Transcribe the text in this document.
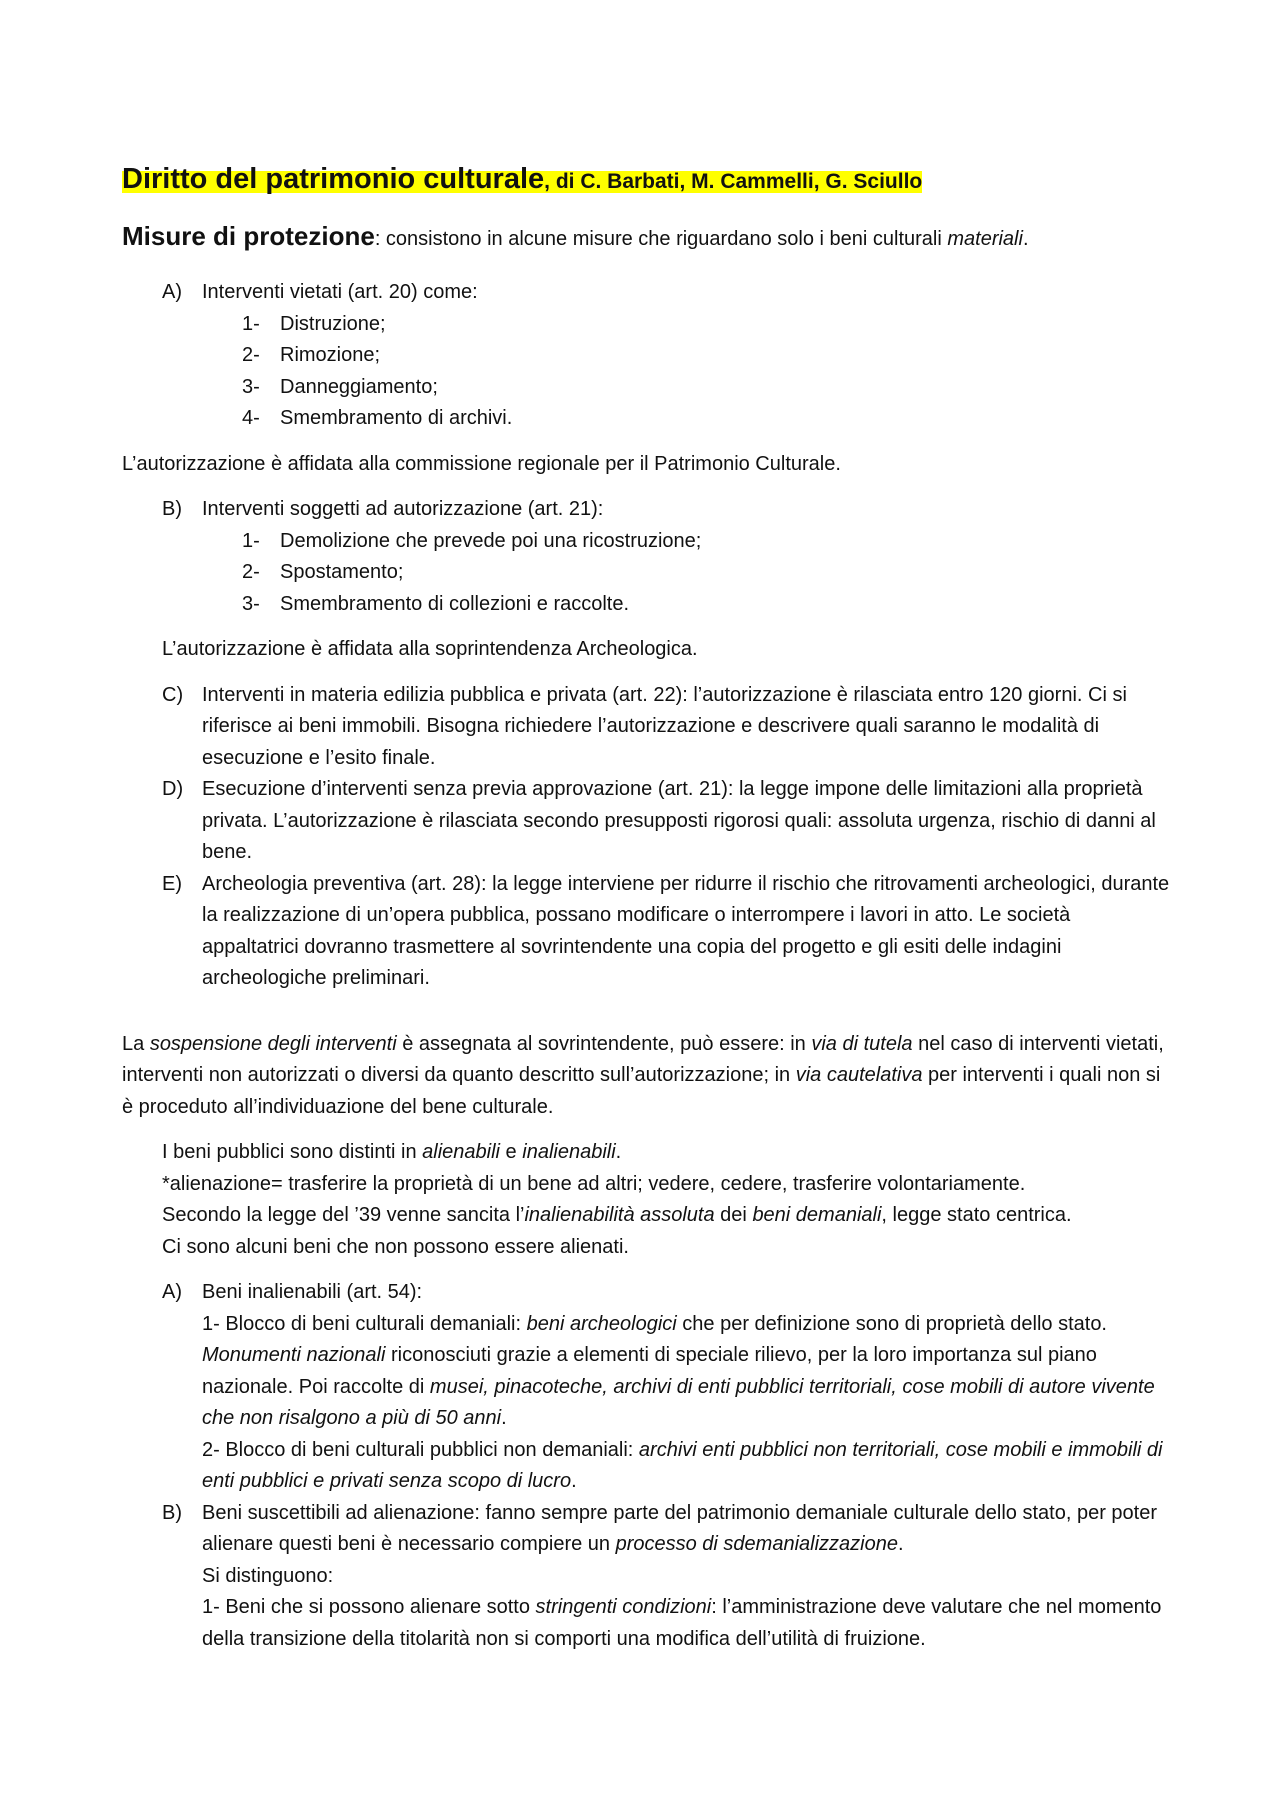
Diritto del patrimonio culturale, di C. Barbati, M. Cammelli, G. Sciullo

Misure di protezione: consistono in alcune misure che riguardano solo i beni culturali materiali.

A)	Interventi vietati (art. 20) come:
1-	Distruzione;
2-	Rimozione;
3-	Danneggiamento;
4-	Smembramento di archivi.

L’autorizzazione è affidata alla commissione regionale per il Patrimonio Culturale.

B)	Interventi soggetti ad autorizzazione (art. 21):
1-	Demolizione che prevede poi una ricostruzione;
2-	Spostamento;
3-	Smembramento di collezioni e raccolte.

L’autorizzazione è affidata alla soprintendenza Archeologica.

C) Interventi in materia edilizia pubblica e privata (art. 22): l’autorizzazione è rilasciata entro 120 giorni. Ci si riferisce ai beni immobili. Bisogna richiedere l’autorizzazione e descrivere quali saranno le modalità di esecuzione e l’esito finale.
D) Esecuzione d’interventi senza previa approvazione (art. 21): la legge impone delle limitazioni alla proprietà privata. L’autorizzazione è rilasciata secondo presupposti rigorosi quali: assoluta urgenza, rischio di danni al bene.
E)	Archeologia preventiva (art. 28): la legge interviene per ridurre il rischio che ritrovamenti archeologici, durante la realizzazione di un’opera pubblica, possano modificare o interrompere i lavori in atto. Le società appaltatrici dovranno trasmettere al sovrintendente una copia del progetto e gli esiti delle indagini archeologiche preliminari.

La sospensione degli interventi è assegnata al sovrintendente, può essere: in via di tutela nel caso di interventi vietati, interventi non autorizzati o diversi da quanto descritto sull’autorizzazione; in via cautelativa per interventi i quali non si è proceduto all’individuazione del bene culturale.

I beni pubblici sono distinti in alienabili e inalienabili.

*alienazione= trasferire la proprietà di un bene ad altri; vedere, cedere, trasferire volontariamente.

Secondo la legge del ’39 venne sancita l’inalienabilità assoluta dei beni demaniali, legge stato centrica.

Ci sono alcuni beni che non possono essere alienati.

A)	Beni inalienabili (art. 54):

1- Blocco di beni culturali demaniali: beni archeologici che per definizione sono di proprietà dello stato. Monumenti nazionali riconosciuti grazie a elementi di speciale rilievo, per la loro importanza sul piano nazionale. Poi raccolte di musei, pinacoteche, archivi di enti pubblici territoriali, cose mobili di autore vivente che non risalgono a più di 50 anni.

2- Blocco di beni culturali pubblici non demaniali: archivi enti pubblici non territoriali, cose mobili e immobili di enti pubblici e privati senza scopo di lucro.

B)	Beni suscettibili ad alienazione: fanno sempre parte del patrimonio demaniale culturale dello stato, per poter alienare questi beni è necessario compiere un processo di sdemanializzazione.

Si distinguono:

1- Beni che si possono alienare sotto stringenti condizioni: l’amministrazione deve valutare che nel momento della transizione della titolarità non si comporti una modifica dell’utilità di fruizione.
